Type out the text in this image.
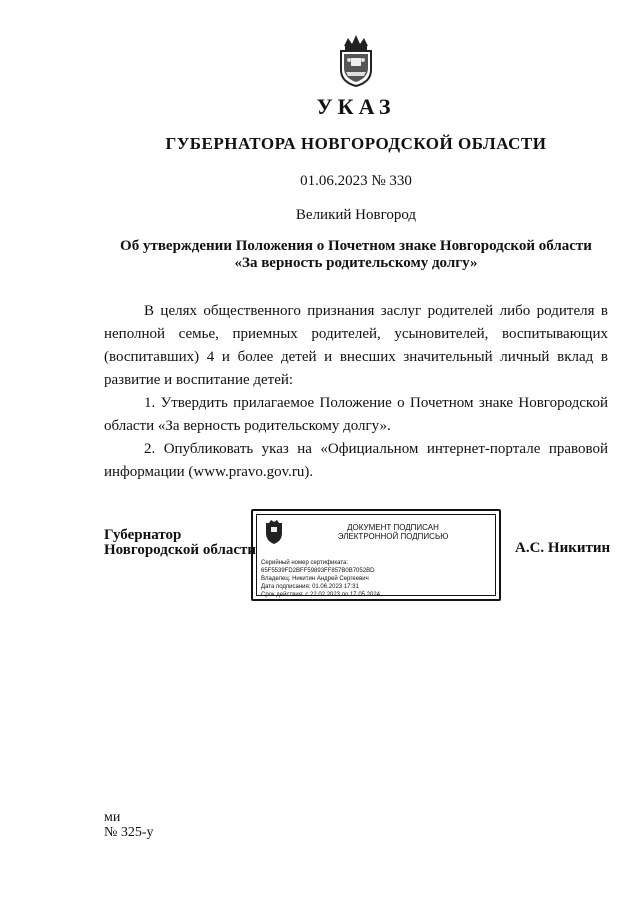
УКАЗ
ГУБЕРНАТОРА НОВГОРОДСКОЙ ОБЛАСТИ
01.06.2023 № 330
Великий Новгород
Об утверждении Положения о Почетном знаке Новгородской области
«За верность родительскому долгу»

В целях общественного признания заслуг родителей либо родителя в неполной семье, приемных родителей, усыновителей, воспитывающих (воспитавших) 4 и более детей и внесших значительный личный вклад в развитие и воспитание детей:

1. Утвердить прилагаемое Положение о Почетном знаке Новгородской области «За верность родительскому долгу».

2. Опубликовать указ на «Официальном интернет-портале правовой информации (www.pravo.gov.ru).

Губернатор
Новгородской области
ДОКУМЕНТ ПОДПИСАН
ЭЛЕКТРОННОЙ ПОДПИСЬЮ
Серийный номер сертификата:
65F5539FD2BFF59893FF857B0B7052BD
Владелец: Никитин Андрей Сергеевич
Дата подписания: 01.06.2023 17:31
Срок действия: с 22.02.2023 по 17.05.2024
А.С. Никитин
ми
№ 325-у
